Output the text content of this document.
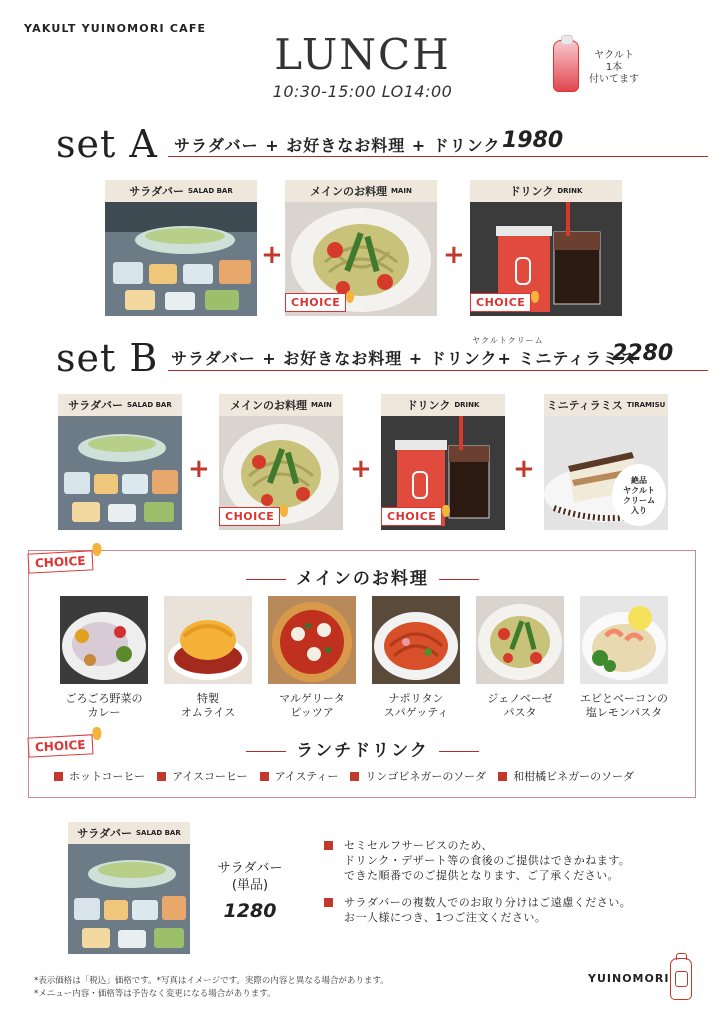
YAKULT YUINOMORI CAFE
LUNCH
10:30-15:00 LO14:00
ヤクルト
1本
付いてます
set A サラダバー + お好きなお料理 + ドリンク 1980
サラダバー SALAD BAR
+
メインのお料理 MAIN
CHOICE
+
ドリンク DRINK
CHOICE
set B サラダバー + お好きなお料理 + ドリンク+ ミニティラミス
ヤクルトクリーム
2280
サラダバー SALAD BAR
+
メインのお料理 MAIN
CHOICE
+
ドリンク DRINK
CHOICE
+
ミニティラミス TIRAMISU
絶品
ヤクルト
クリーム
入り
CHOICE
メインのお料理
ごろごろ野菜の
カレー
特製
オムライス
マルゲリータ
ピッツア
ナポリタン
スパゲッティ
ジェノベーゼ
パスタ
エビとベーコンの
塩レモンパスタ
CHOICE	ランチドリンク
ホットコーヒー	アイスコーヒー	アイスティー	リンゴビネガーのソーダ	和柑橘ビネガーのソーダ
サラダバー SALAD BAR
サラダバー
(単品)
1280
セミセルフサービスのため、
ドリンク・デザート等の食後のご提供はできかねます。
できた順番でのご提供となります、ご了承ください。
サラダバーの複数人でのお取り分けはご遠慮ください。
お一人様につき、1つご注文ください。
*表示価格は「税込」価格です。*写真はイメージです。実際の内容と異なる場合があります。
*メニュー内容・価格等は予告なく変更になる場合があります。
YUINOMORI
